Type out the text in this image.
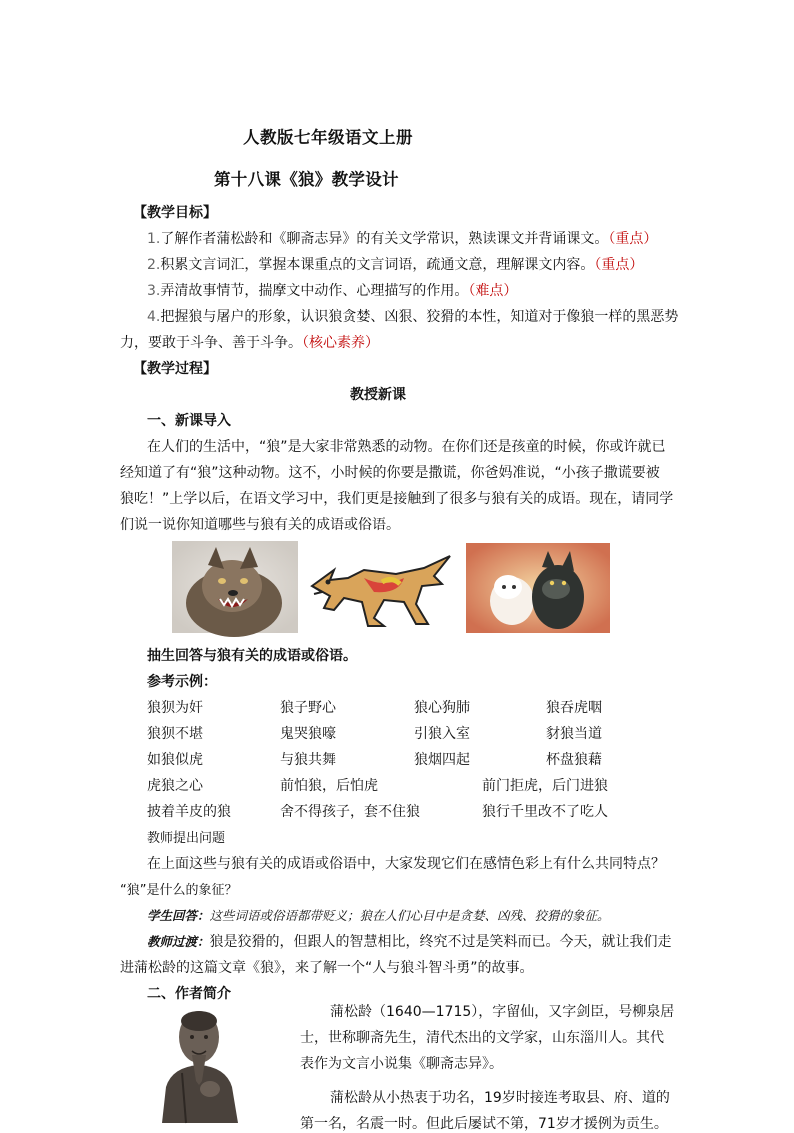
人教版七年级语文上册
第十八课《狼》教学设计
【教学目标】
1.了解作者蒲松龄和《聊斋志异》的有关文学常识，熟读课文并背诵课文。（重点）
2.积累文言词汇，掌握本课重点的文言词语，疏通文意，理解课文内容。（重点）
3.弄清故事情节，揣摩文中动作、心理描写的作用。（难点）
4.把握狼与屠户的形象，认识狼贪婪、凶狠、狡猾的本性，知道对于像狼一样的黑恶势
力，要敢于斗争、善于斗争。（核心素养）
【教学过程】
教授新课
一、新课导入
在人们的生活中，“狼”是大家非常熟悉的动物。在你们还是孩童的时候，你或许就已
经知道了有“狼”这种动物。这不，小时候的你要是撒谎，你爸妈准说，“小孩子撒谎要被
狼吃！”上学以后，在语文学习中，我们更是接触到了很多与狼有关的成语。现在，请同学
们说一说你知道哪些与狼有关的成语或俗语。
抽生回答与狼有关的成语或俗语。
参考示例：
狼狈为奸	狼子野心	狼心狗肺	狼吞虎咽
狼狈不堪	鬼哭狼嚎	引狼入室	豺狼当道
如狼似虎	与狼共舞	狼烟四起	杯盘狼藉
虎狼之心	前怕狼，后怕虎	前门拒虎，后门进狼
披着羊皮的狼	舍不得孩子，套不住狼	狼行千里改不了吃人
教师提出问题
在上面这些与狼有关的成语或俗语中，大家发现它们在感情色彩上有什么共同特点？
“狼”是什么的象征？
学生回答：这些词语或俗语都带贬义；狼在人们心目中是贪婪、凶残、狡猾的象征。
教师过渡：狼是狡猾的，但跟人的智慧相比，终究不过是笑料而已。今天，就让我们走
进蒲松龄的这篇文章《狼》，来了解一个“人与狼斗智斗勇”的故事。
二、作者简介
蒲松龄（1640—1715），字留仙，又字剑臣，号柳泉居
士，世称聊斋先生，清代杰出的文学家，山东淄川人。其代
表作为文言小说集《聊斋志异》。
蒲松龄从小热衷于功名，19岁时接连考取县、府、道的
第一名，名震一时。但此后屡试不第，71岁才援例为贡生。
